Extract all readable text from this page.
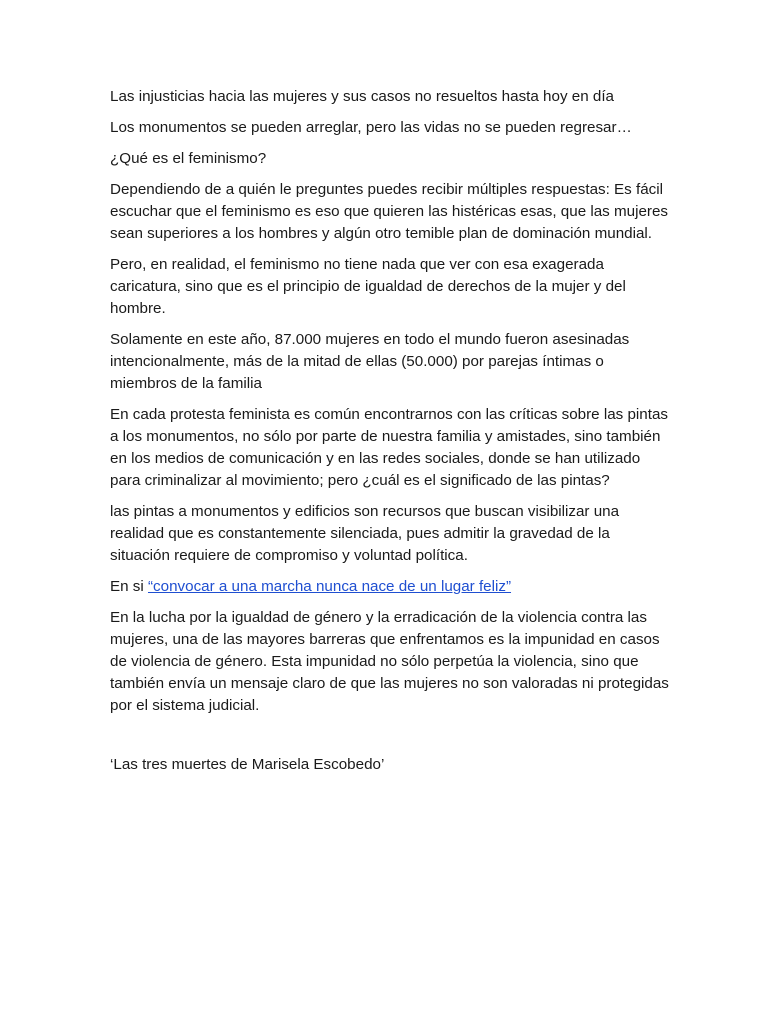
Las injusticias hacia las mujeres y sus casos no resueltos hasta hoy en día

Los monumentos se pueden arreglar, pero las vidas no se pueden regresar…

¿Qué es el feminismo?

Dependiendo de a quién le preguntes puedes recibir múltiples respuestas: Es fácil escuchar que el feminismo es eso que quieren las histéricas esas, que las mujeres sean superiores a los hombres y algún otro temible plan de dominación mundial.

Pero, en realidad, el feminismo no tiene nada que ver con esa exagerada caricatura, sino que es el principio de igualdad de derechos de la mujer y del hombre.

Solamente en este año, 87.000 mujeres en todo el mundo fueron asesinadas intencionalmente, más de la mitad de ellas (50.000) por parejas íntimas o miembros de la familia

En cada protesta feminista es común encontrarnos con las críticas sobre las pintas a los monumentos, no sólo por parte de nuestra familia y amistades, sino también en los medios de comunicación y en las redes sociales, donde se han utilizado para criminalizar al movimiento; pero ¿cuál es el significado de las pintas?

las pintas a monumentos y edificios son recursos que buscan visibilizar una realidad que es constantemente silenciada, pues admitir la gravedad de la situación requiere de compromiso y voluntad política.

En si “convocar a una marcha nunca nace de un lugar feliz”

En la lucha por la igualdad de género y la erradicación de la violencia contra las mujeres, una de las mayores barreras que enfrentamos es la impunidad en casos de violencia de género. Esta impunidad no sólo perpetúa la violencia, sino que también envía un mensaje claro de que las mujeres no son valoradas ni protegidas por el sistema judicial.

‘Las tres muertes de Marisela Escobedo’
